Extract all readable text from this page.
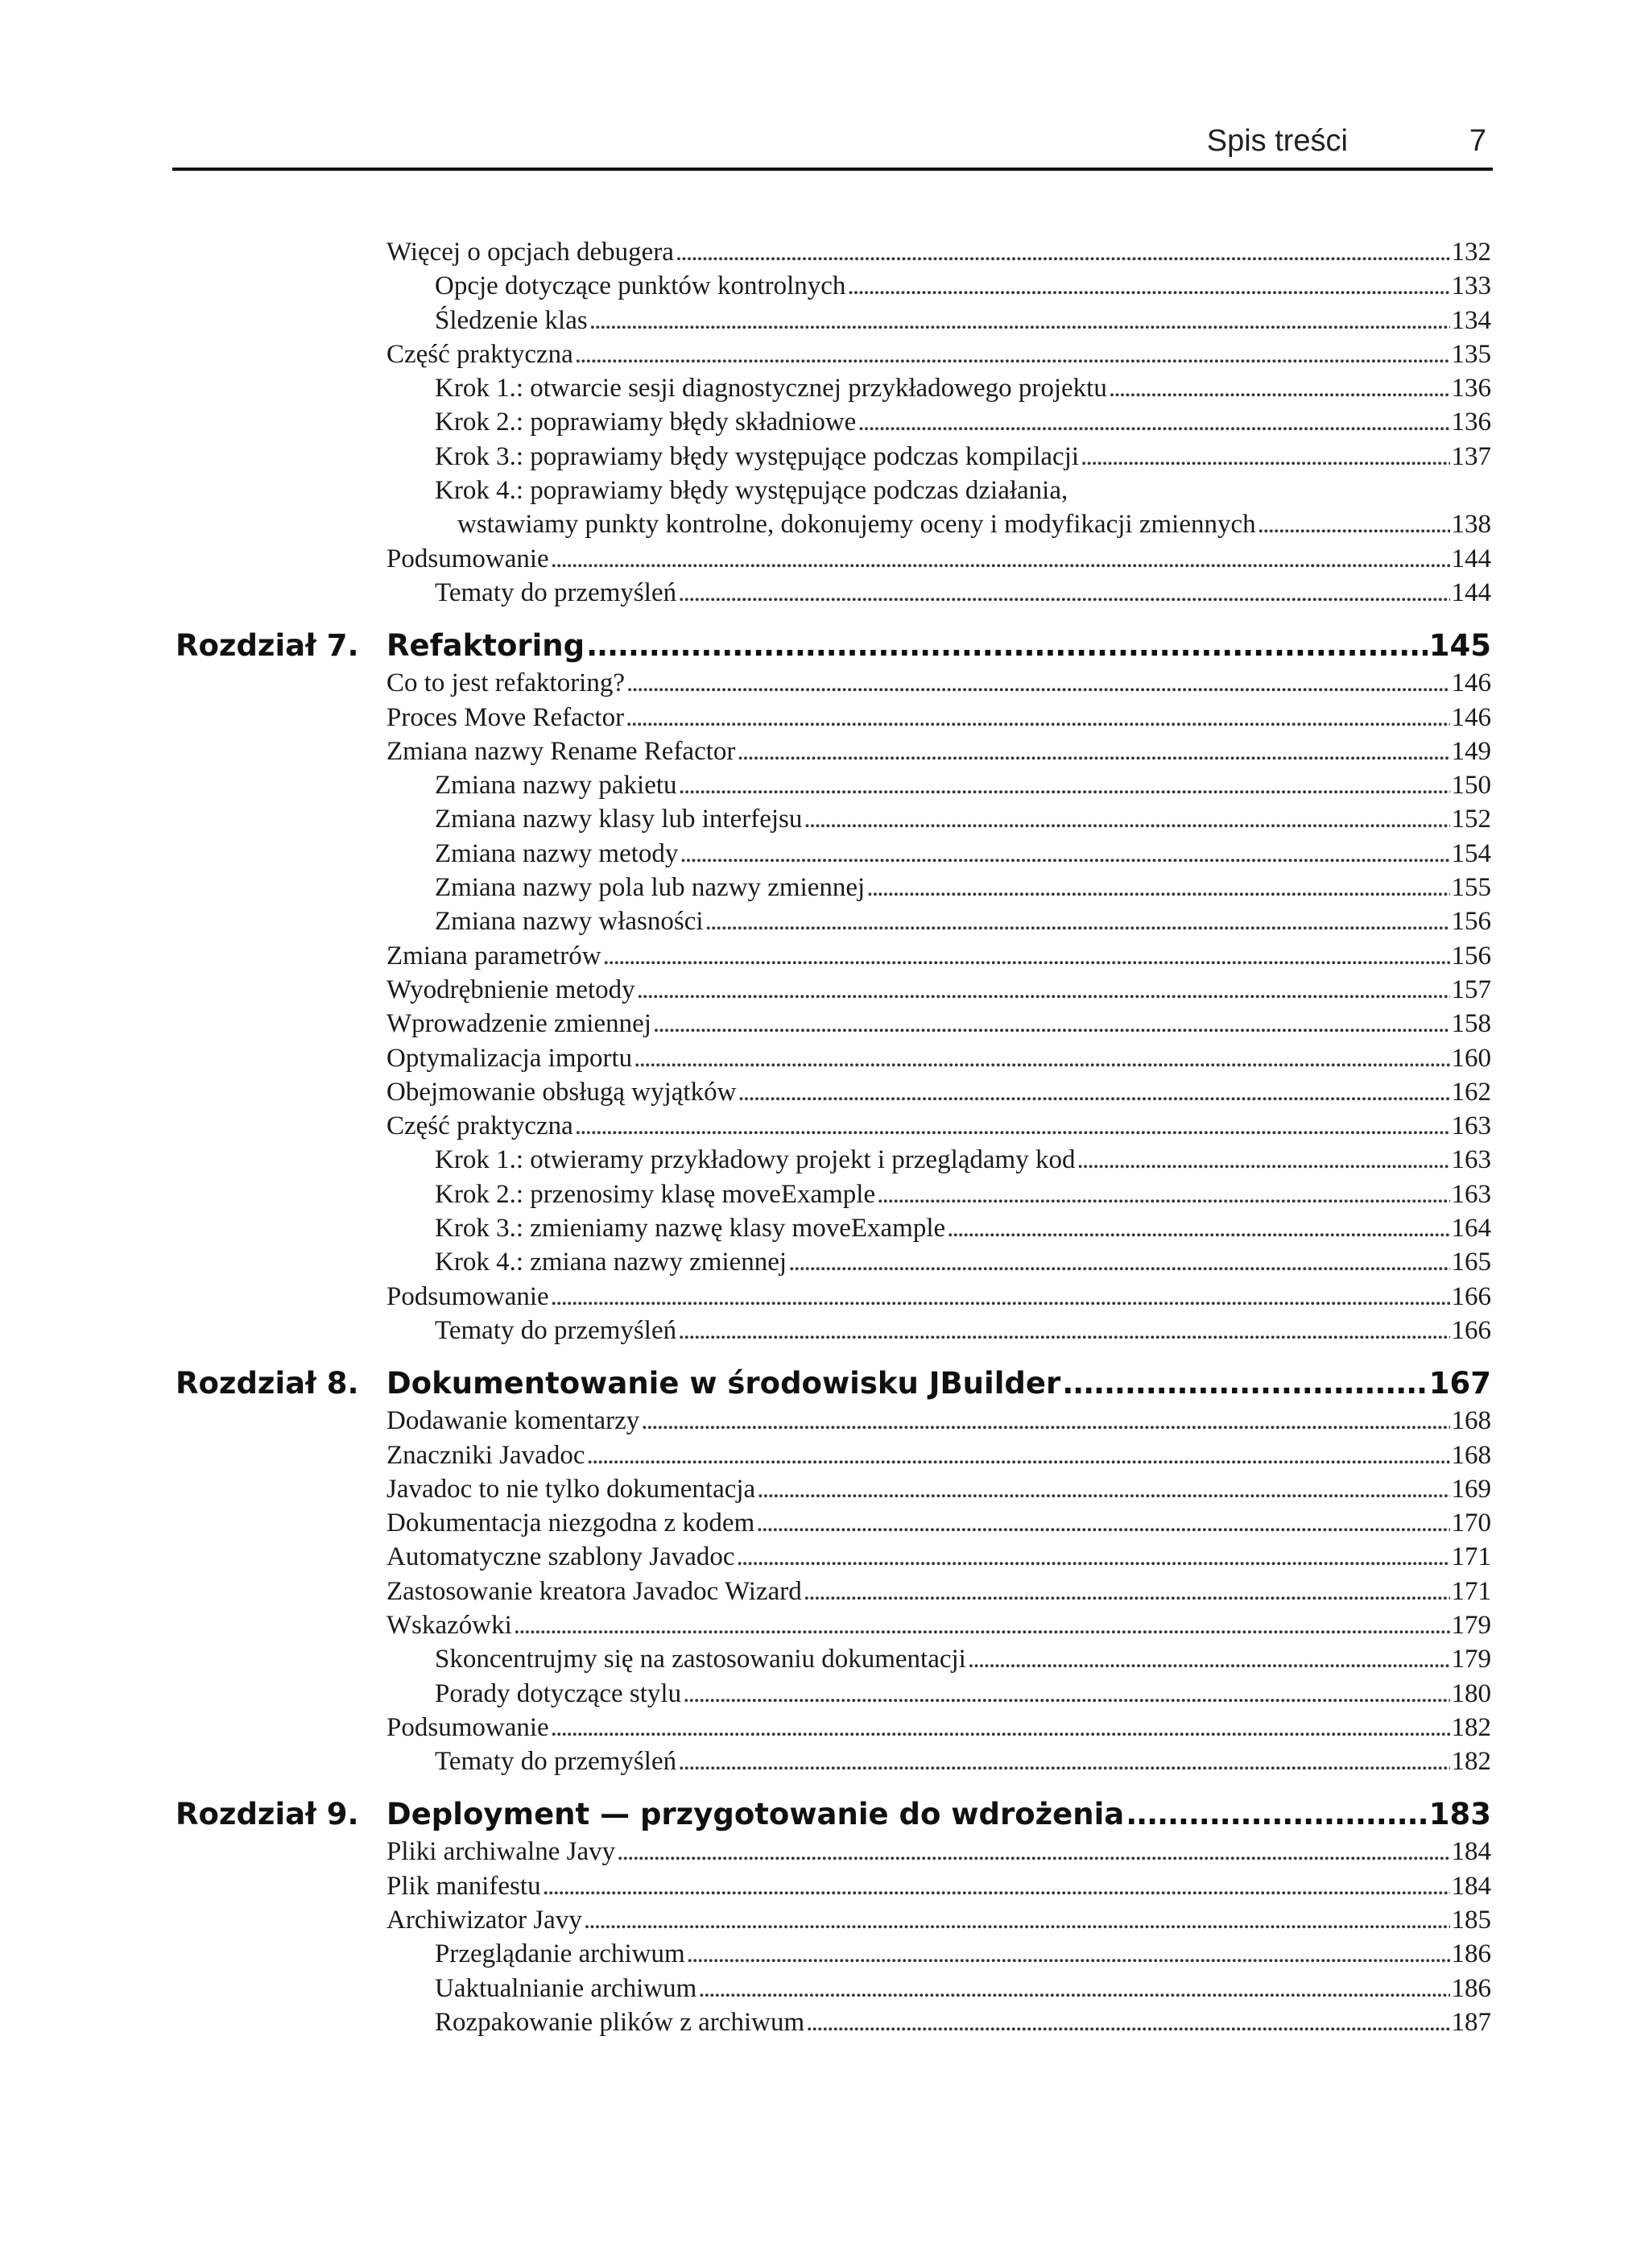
Spis treści	7
Więcej o opcjach debugera . . .	132
Opcje dotyczące punktów kontrolnych . . .	133
Śledzenie klas . . .	134
Część praktyczna . . .	135
Krok 1.: otwarcie sesji diagnostycznej przykładowego projektu . . .	136
Krok 2.: poprawiamy błędy składniowe . . .	136
Krok 3.: poprawiamy błędy występujące podczas kompilacji . . .	137
Krok 4.: poprawiamy błędy występujące podczas działania,
wstawiamy punkty kontrolne, dokonujemy oceny i modyfikacji zmiennych . . .	138
Podsumowanie . . .	144
Tematy do przemyśleń . . .	144
Rozdział 7. Refaktoring . . .	145
Co to jest refaktoring? . . .	146
Proces Move Refactor . . .	146
Zmiana nazwy Rename Refactor . . .	149
Zmiana nazwy pakietu . . .	150
Zmiana nazwy klasy lub interfejsu . . .	152
Zmiana nazwy metody . . .	154
Zmiana nazwy pola lub nazwy zmiennej . . .	155
Zmiana nazwy własności . . .	156
Zmiana parametrów . . .	156
Wyodrębnienie metody . . .	157
Wprowadzenie zmiennej . . .	158
Optymalizacja importu . . .	160
Obejmowanie obsługą wyjątków . . .	162
Część praktyczna . . .	163
Krok 1.: otwieramy przykładowy projekt i przeglądamy kod . . .	163
Krok 2.: przenosimy klasę moveExample . . .	163
Krok 3.: zmieniamy nazwę klasy moveExample . . .	164
Krok 4.: zmiana nazwy zmiennej . . .	165
Podsumowanie . . .	166
Tematy do przemyśleń . . .	166
Rozdział 8. Dokumentowanie w środowisku JBuilder . . .	167
Dodawanie komentarzy . . .	168
Znaczniki Javadoc . . .	168
Javadoc to nie tylko dokumentacja . . .	169
Dokumentacja niezgodna z kodem . . .	170
Automatyczne szablony Javadoc . . .	171
Zastosowanie kreatora Javadoc Wizard . . .	171
Wskazówki . . .	179
Skoncentrujmy się na zastosowaniu dokumentacji . . .	179
Porady dotyczące stylu . . .	180
Podsumowanie . . .	182
Tematy do przemyśleń . . .	182
Rozdział 9. Deployment — przygotowanie do wdrożenia . . .	183
Pliki archiwalne Javy . . .	184
Plik manifestu . . .	184
Archiwizator Javy . . .	185
Przeglądanie archiwum . . .	186
Uaktualnianie archiwum . . .	186
Rozpakowanie plików z archiwum . . .	187
